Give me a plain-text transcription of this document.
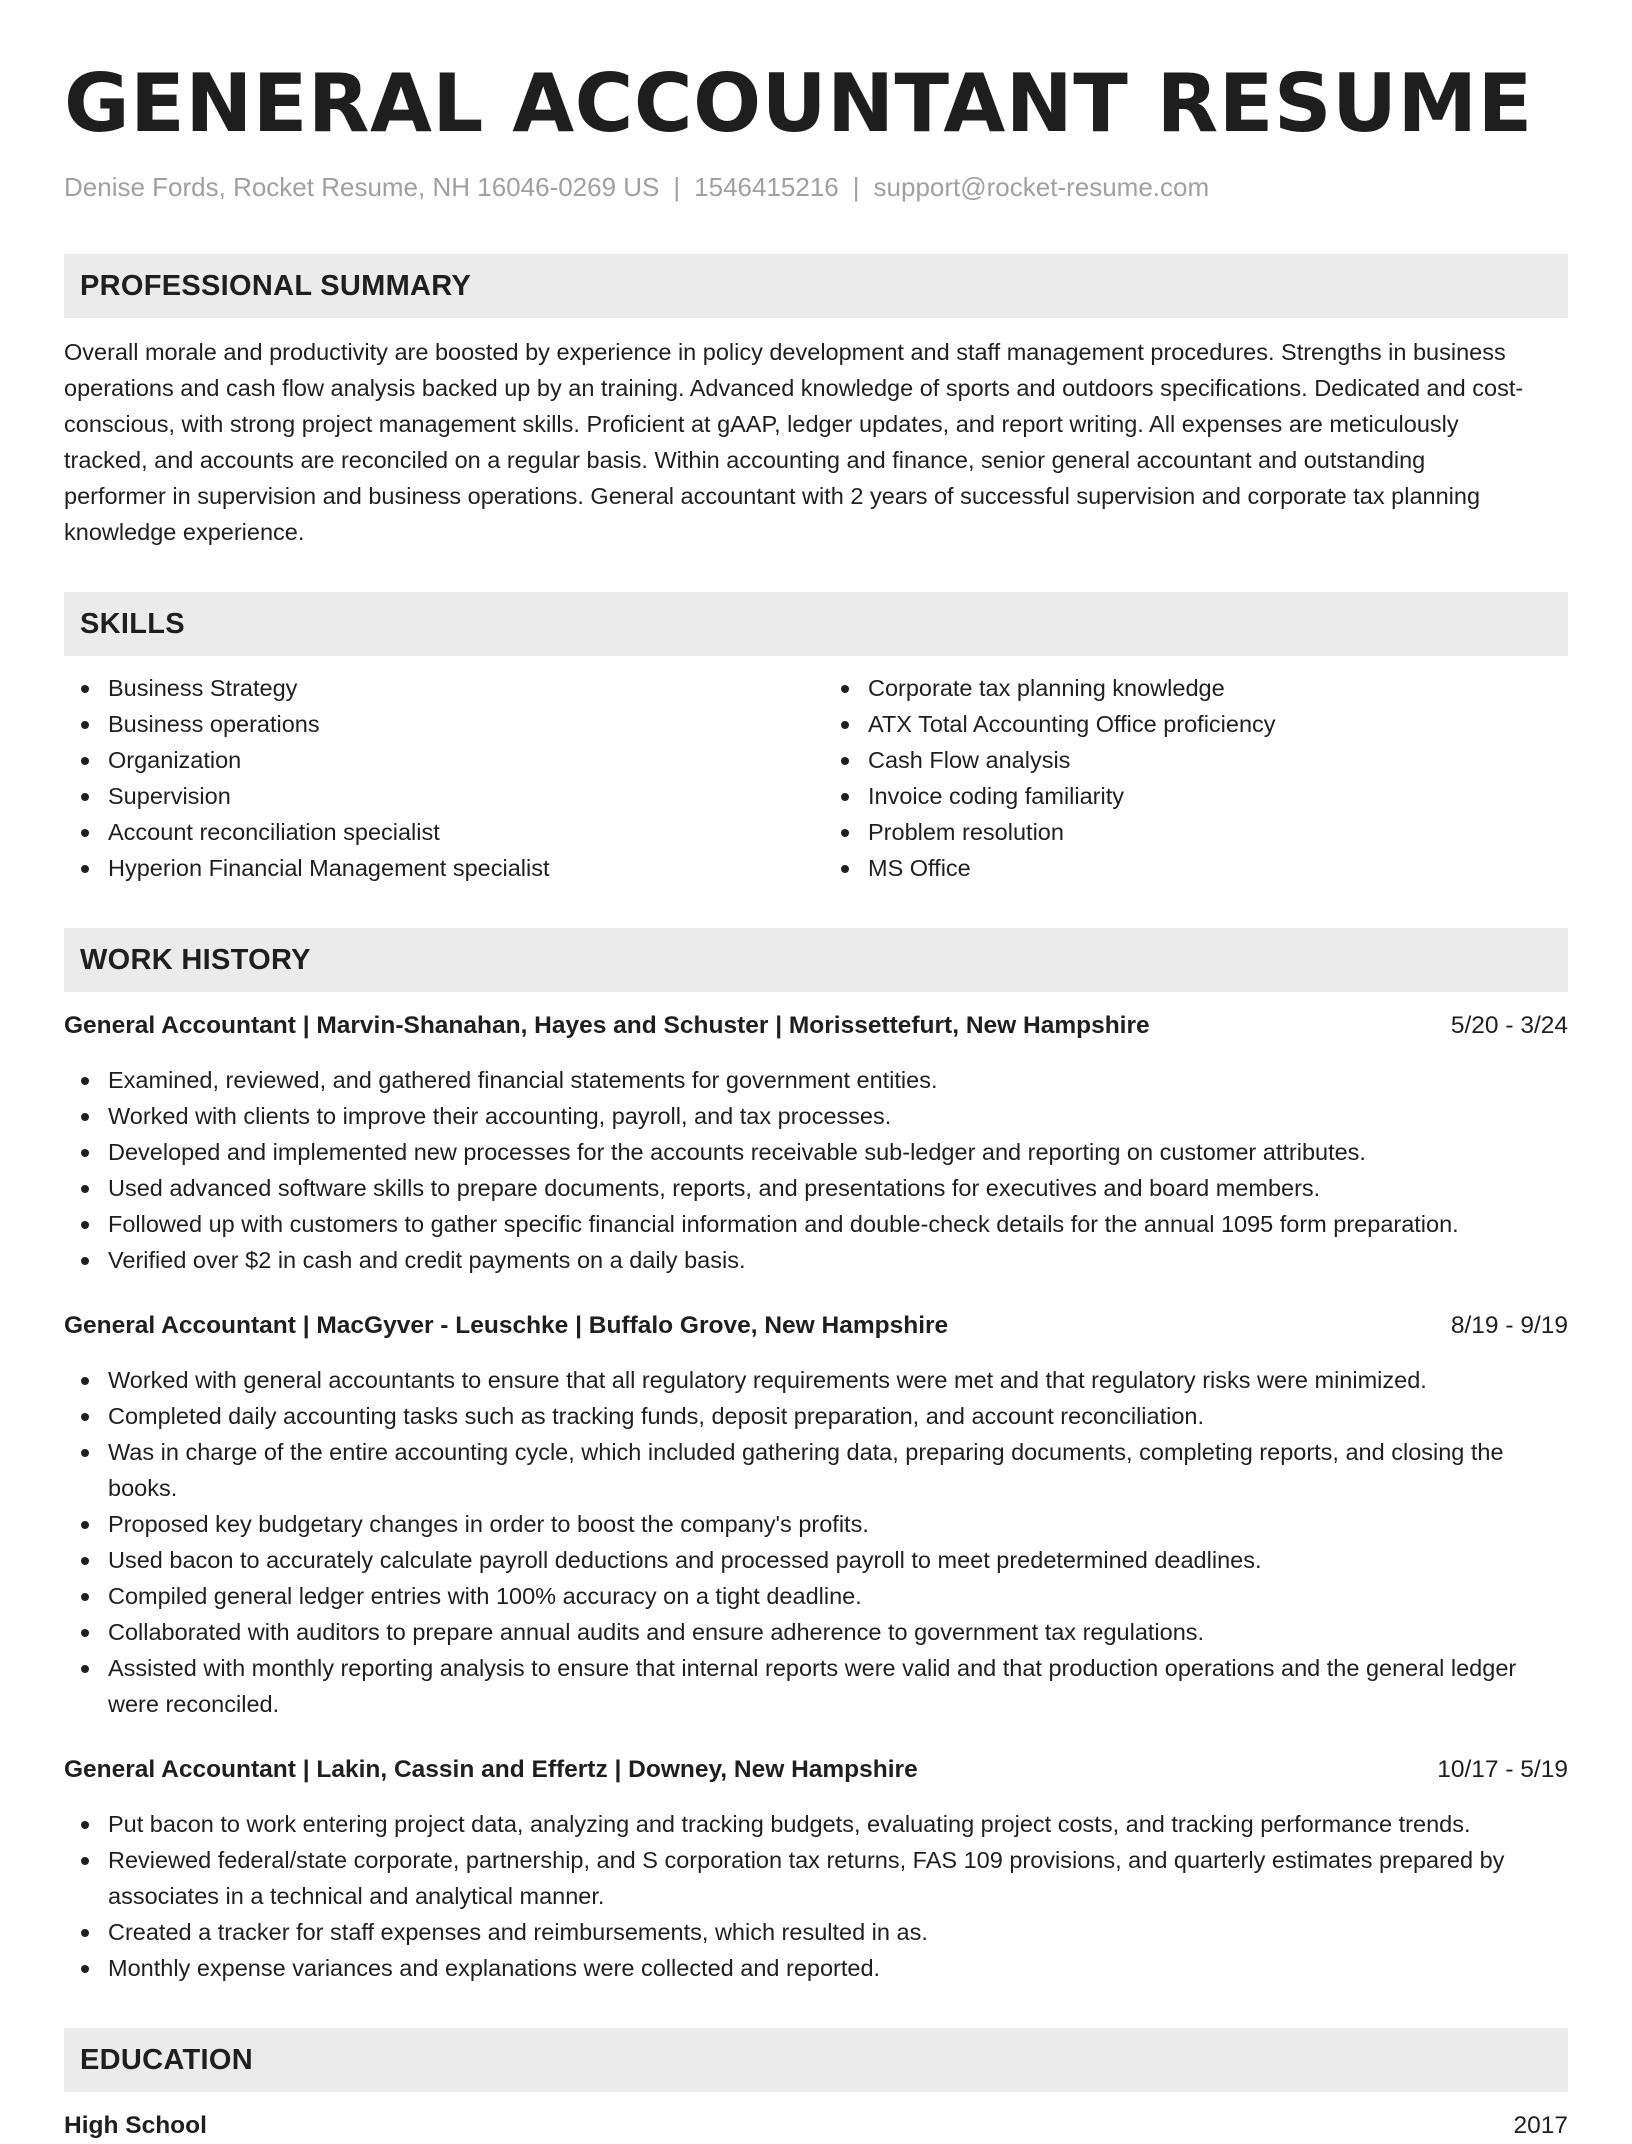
GENERAL ACCOUNTANT RESUME
Denise Fords, Rocket Resume, NH 16046-0269 US | 1546415216 | support@rocket-resume.com
PROFESSIONAL SUMMARY

Overall morale and productivity are boosted by experience in policy development and staff management procedures. Strengths in business operations and cash flow analysis backed up by an training. Advanced knowledge of sports and outdoors specifications. Dedicated and cost-conscious, with strong project management skills. Proficient at gAAP, ledger updates, and report writing. All expenses are meticulously tracked, and accounts are reconciled on a regular basis. Within accounting and finance, senior general accountant and outstanding performer in supervision and business operations. General accountant with 2 years of successful supervision and corporate tax planning knowledge experience.

SKILLS
Business Strategy
Business operations
Organization
Supervision
Account reconciliation specialist
Hyperion Financial Management specialist
Corporate tax planning knowledge
ATX Total Accounting Office proficiency
Cash Flow analysis
Invoice coding familiarity
Problem resolution
MS Office
WORK HISTORY
General Accountant | Marvin-Shanahan, Hayes and Schuster | Morissettefurt, New Hampshire	5/20 - 3/24
Examined, reviewed, and gathered financial statements for government entities.
Worked with clients to improve their accounting, payroll, and tax processes.
Developed and implemented new processes for the accounts receivable sub-ledger and reporting on customer attributes.
Used advanced software skills to prepare documents, reports, and presentations for executives and board members.
Followed up with customers to gather specific financial information and double-check details for the annual 1095 form preparation.
Verified over $2 in cash and credit payments on a daily basis.
General Accountant | MacGyver - Leuschke | Buffalo Grove, New Hampshire	8/19 - 9/19
Worked with general accountants to ensure that all regulatory requirements were met and that regulatory risks were minimized.
Completed daily accounting tasks such as tracking funds, deposit preparation, and account reconciliation.
Was in charge of the entire accounting cycle, which included gathering data, preparing documents, completing reports, and closing the books.
Proposed key budgetary changes in order to boost the company's profits.
Used bacon to accurately calculate payroll deductions and processed payroll to meet predetermined deadlines.
Compiled general ledger entries with 100% accuracy on a tight deadline.
Collaborated with auditors to prepare annual audits and ensure adherence to government tax regulations.
Assisted with monthly reporting analysis to ensure that internal reports were valid and that production operations and the general ledger were reconciled.
General Accountant | Lakin, Cassin and Effertz | Downey, New Hampshire	10/17 - 5/19
Put bacon to work entering project data, analyzing and tracking budgets, evaluating project costs, and tracking performance trends.
Reviewed federal/state corporate, partnership, and S corporation tax returns, FAS 109 provisions, and quarterly estimates prepared by associates in a technical and analytical manner.
Created a tracker for staff expenses and reimbursements, which resulted in as.
Monthly expense variances and explanations were collected and reported.
EDUCATION
High School	2017
